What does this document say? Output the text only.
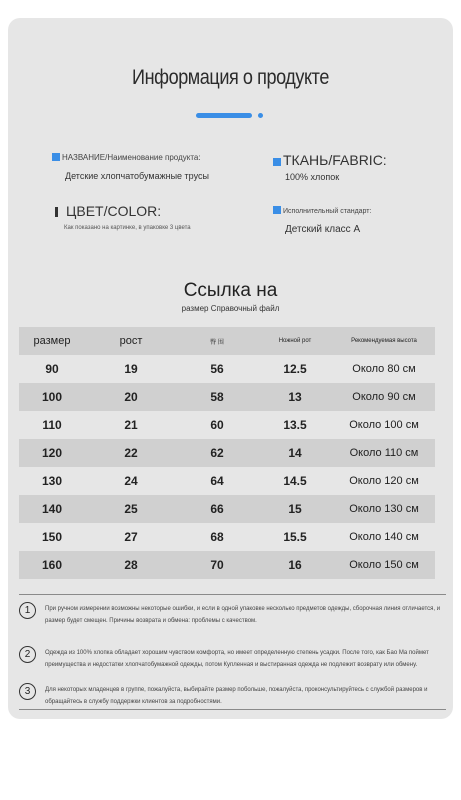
Информация о продукте
НАЗВАНИЕ/Наименование продукта:
Детские хлопчатобумажные трусы
ТКАНЬ/FABRIC:
100% хлопок
ЦВЕТ/COLOR:
Как показано на картинке, в упаковке 3 цвета
Исполнительный стандарт:
Детский класс А
Ссылка на
размер Справочный файл
размер	рост	臀 围	Ножной рот	Рекомендуемая высота
90	19	56	12.5	Около 80 см
100	20	58	13	Около 90 см
110	21	60	13.5	Около 100 см
120	22	62	14	Около 110 см
130	24	64	14.5	Около 120 см
140	25	66	15	Около 130 см
150	27	68	15.5	Около 140 см
160	28	70	16	Около 150 см
1	При ручном измерении возможны некоторые ошибки, и если в одной упаковке несколько предметов одежды, сборочная линия отличается, и размер будет смещен. Причины возврата и обмена: проблемы с качеством.
2	Одежда из 100% хлопка обладает хорошим чувством комфорта, но имеет определенную степень усадки. После того, как Бао Ма поймет преимущества и недостатки хлопчатобумажной одежды, потом Купленная и выстиранная одежда не подлежит возврату или обмену.
3	Для некоторых младенцев в группе, пожалуйста, выбирайте размер побольше, пожалуйста, проконсультируйтесь с службой размеров и обращайтесь в службу поддержки клиентов за подробностями.
